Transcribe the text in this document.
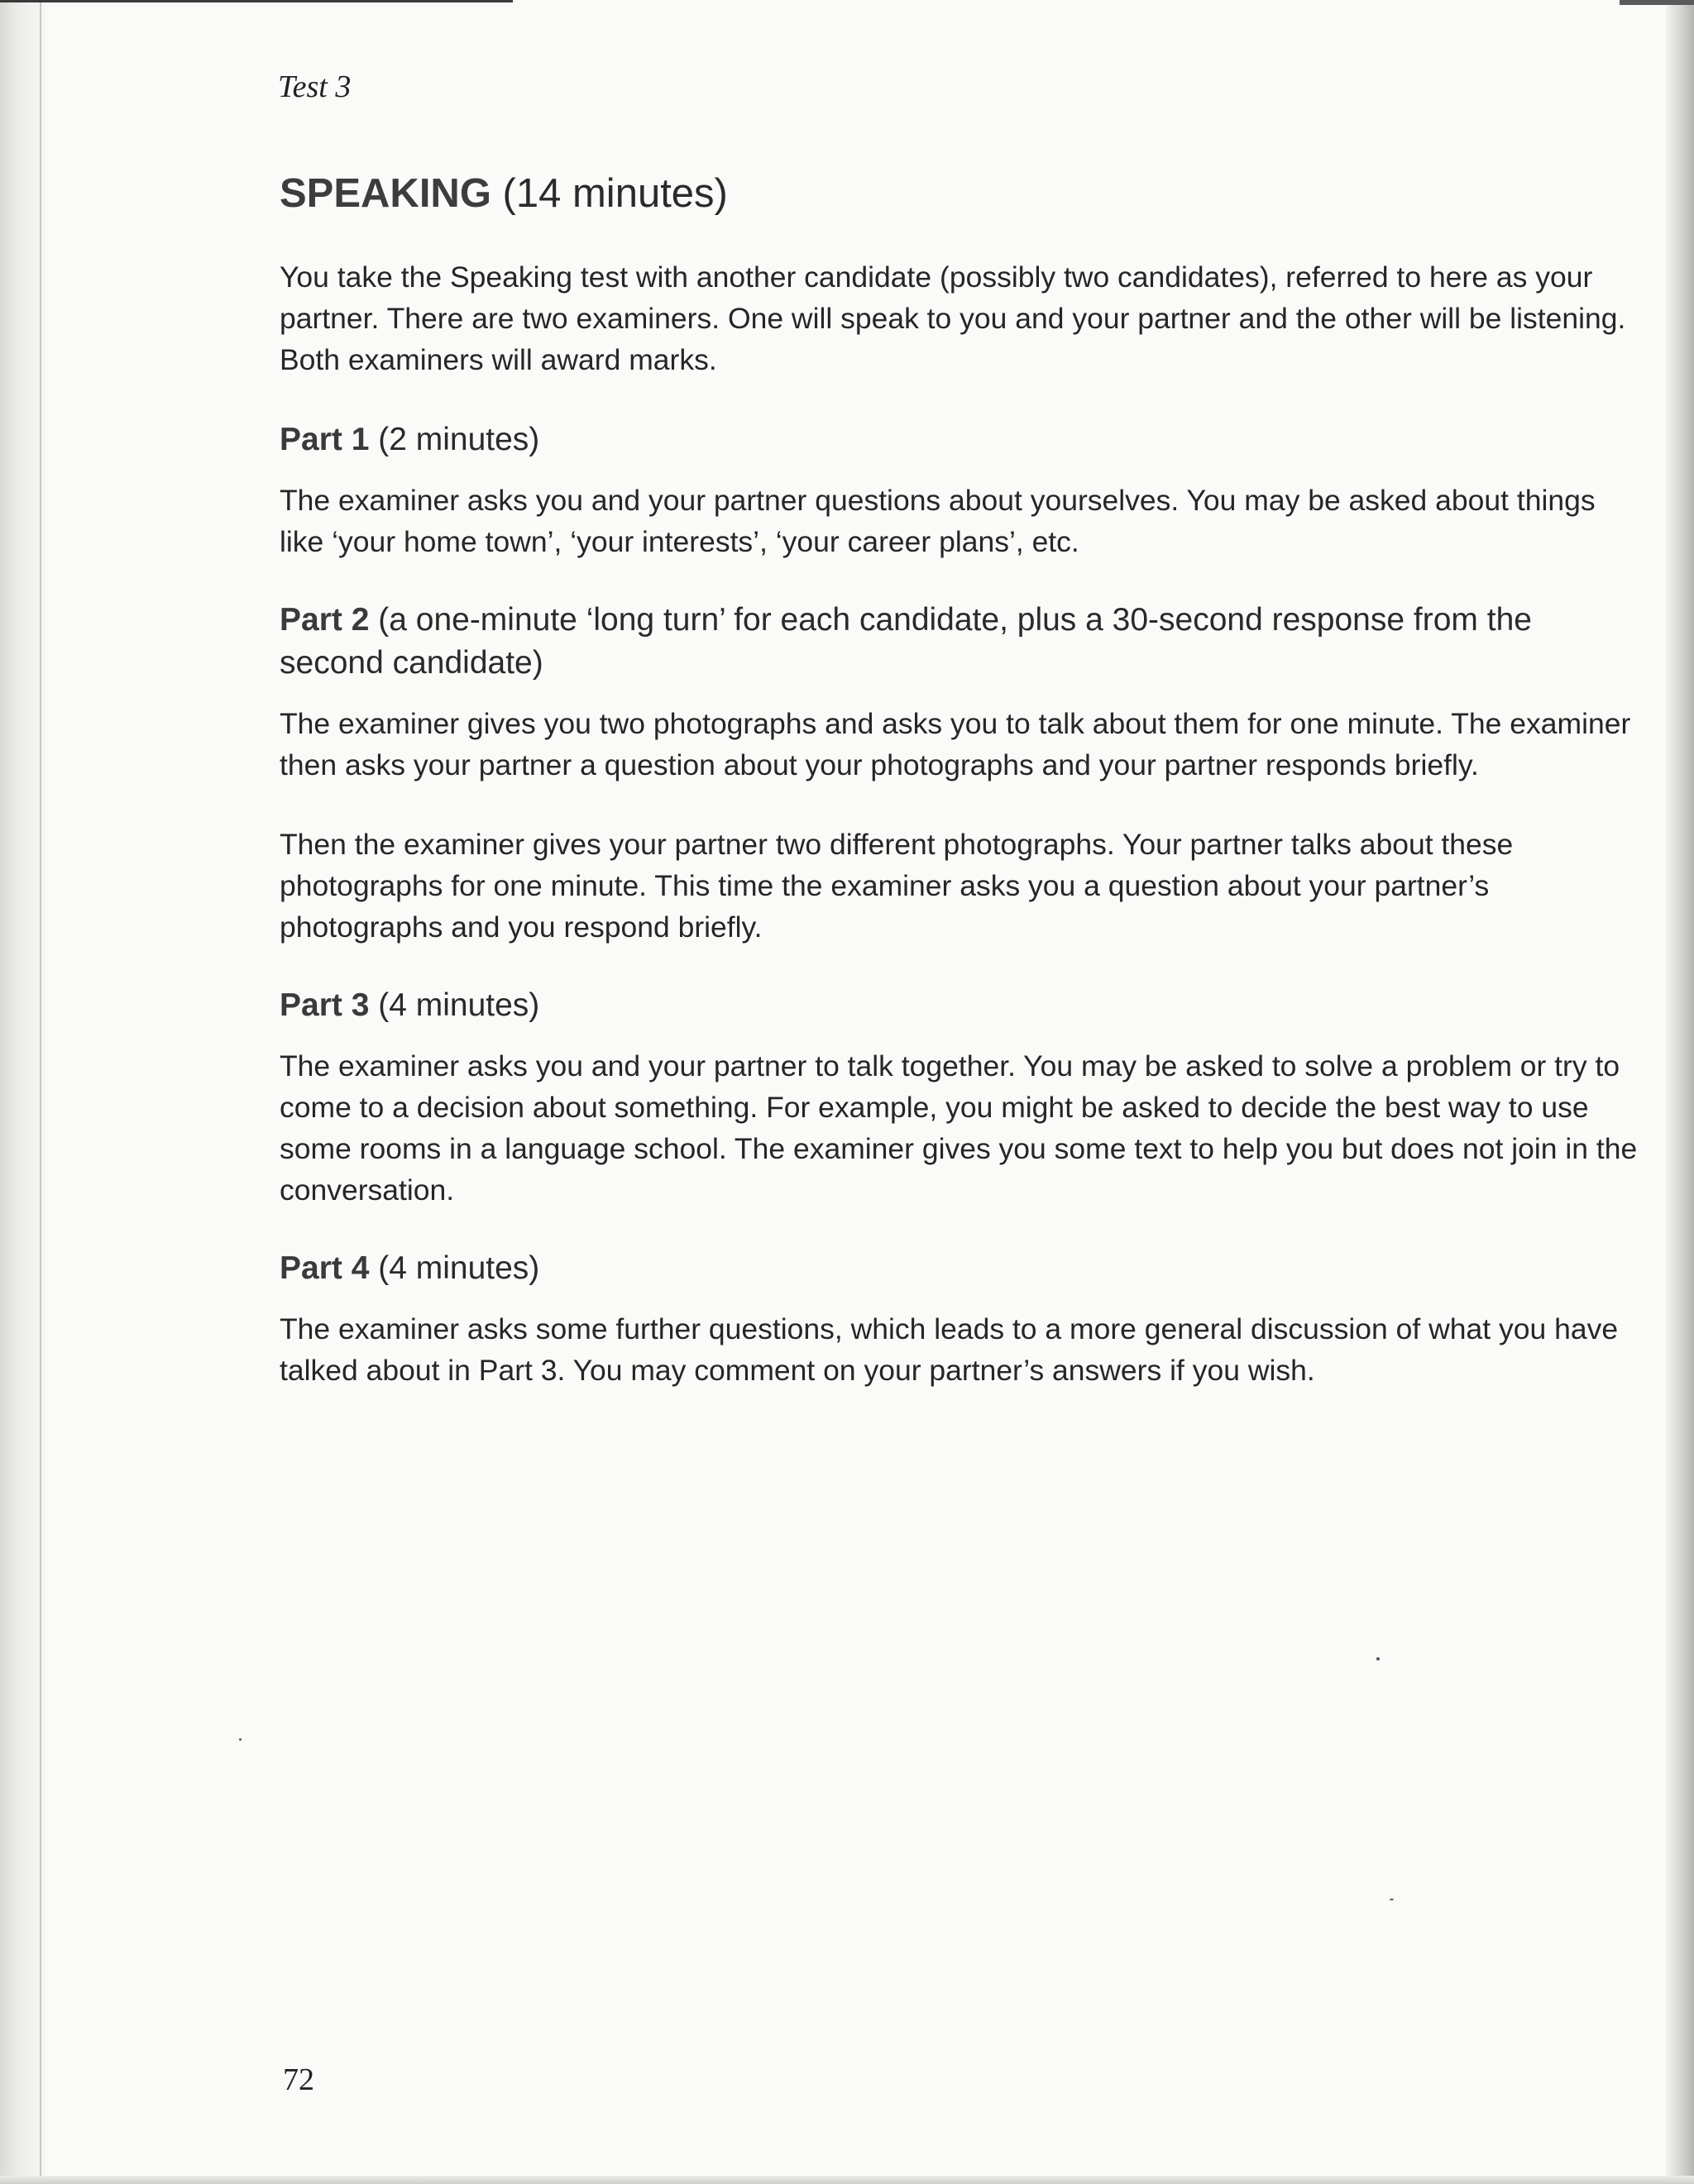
Test 3

SPEAKING (14 minutes)

You take the Speaking test with another candidate (possibly two candidates), referred to here as your partner. There are two examiners. One will speak to you and your partner and the other will be listening. Both examiners will award marks.

Part 1 (2 minutes)

The examiner asks you and your partner questions about yourselves. You may be asked about things like ‘your home town’, ‘your interests’, ‘your career plans’, etc.

Part 2 (a one-minute ‘long turn’ for each candidate, plus a 30-second response from the second candidate)

The examiner gives you two photographs and asks you to talk about them for one minute. The examiner then asks your partner a question about your photographs and your partner responds briefly.

Then the examiner gives your partner two different photographs. Your partner talks about these photographs for one minute. This time the examiner asks you a question about your partner’s photographs and you respond briefly.

Part 3 (4 minutes)

The examiner asks you and your partner to talk together. You may be asked to solve a problem or try to come to a decision about something. For example, you might be asked to decide the best way to use some rooms in a language school. The examiner gives you some text to help you but does not join in the conversation.

Part 4 (4 minutes)

The examiner asks some further questions, which leads to a more general discussion of what you have talked about in Part 3. You may comment on your partner’s answers if you wish.

72
